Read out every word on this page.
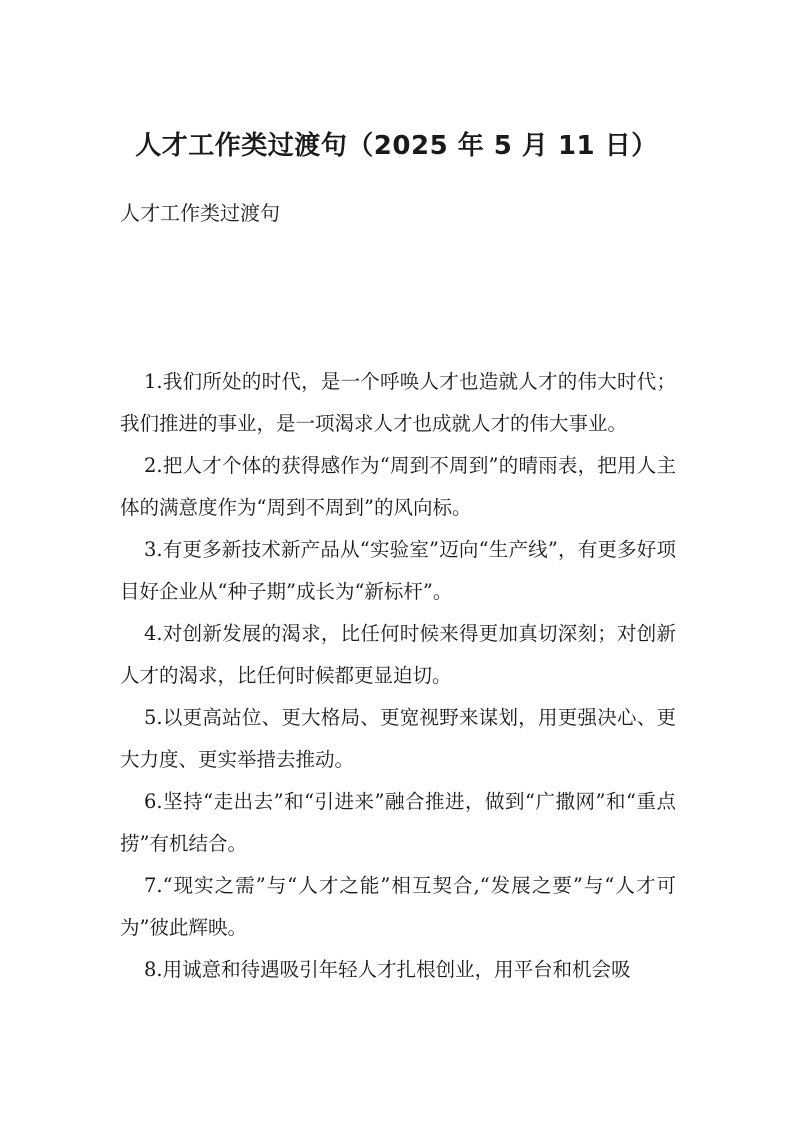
人才工作类过渡句（2025 年 5 月 11 日）

人才工作类过渡句

1.我们所处的时代，是一个呼唤人才也造就人才的伟大时代；我们推进的事业，是一项渴求人才也成就人才的伟大事业。
2.把人才个体的获得感作为“周到不周到”的晴雨表，把用人主体的满意度作为“周到不周到”的风向标。
3.有更多新技术新产品从“实验室”迈向“生产线”，有更多好项目好企业从“种子期”成长为“新标杆”。
4.对创新发展的渴求，比任何时候来得更加真切深刻；对创新人才的渴求，比任何时候都更显迫切。
5.以更高站位、更大格局、更宽视野来谋划，用更强决心、更大力度、更实举措去推动。
6.坚持“走出去”和“引进来”融合推进，做到“广撒网”和“重点捞”有机结合。
7.“现实之需”与“人才之能”相互契合,“发展之要”与“人才可为”彼此辉映。
8.用诚意和待遇吸引年轻人才扎根创业，用平台和机会吸
